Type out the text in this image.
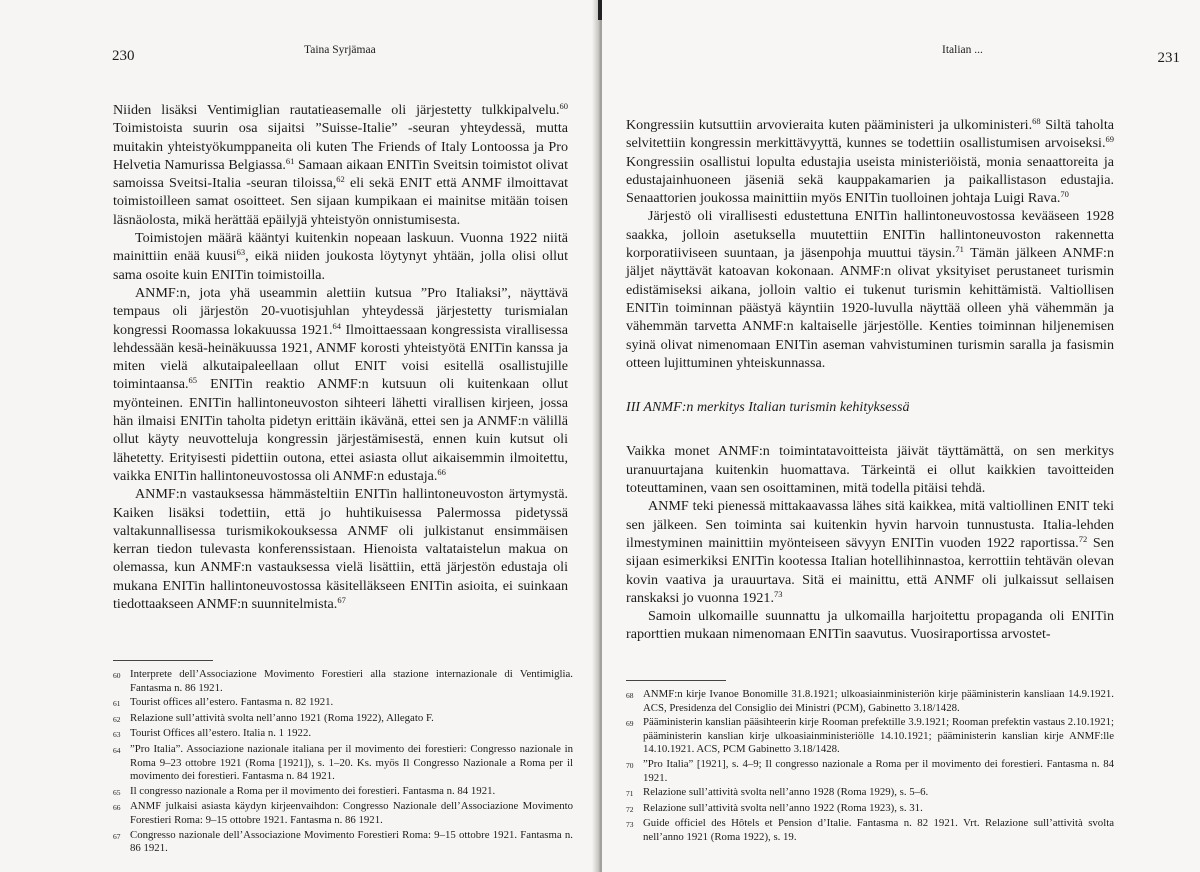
230	Taina Syrjämaa

Niiden lisäksi Ventimiglian rautatieasemalle oli järjestetty tulkkipalvelu.$^{60}$ Toimistoista suurin osa sijaitsi ”Suisse-Italie” -seuran yhteydessä, mutta muitakin yhteistyökumppaneita oli kuten The Friends of Italy Lontoossa ja Pro Helvetia Namurissa Belgiassa.$^{61}$ Samaan aikaan ENITin Sveitsin toimistot olivat samoissa Sveitsi-Italia -seuran tiloissa,$^{62}$ eli sekä ENIT että ANMF ilmoittavat toimistoilleen samat osoitteet. Sen sijaan kumpikaan ei mainitse mitään toisen läsnäolosta, mikä herättää epäilyjä yhteistyön onnistumisesta.

Toimistojen määrä kääntyi kuitenkin nopeaan laskuun. Vuonna 1922 niitä mainittiin enää kuusi$^{63}$, eikä niiden joukosta löytynyt yhtään, jolla olisi ollut sama osoite kuin ENITin toimistoilla.

ANMF:n, jota yhä useammin alettiin kutsua ”Pro Italiaksi”, näyttävä tempaus oli järjestön 20-vuotisjuhlan yhteydessä järjestetty turismialan kongressi Roomassa lokakuussa 1921.64 Ilmoittaessaan kongressista virallisessa lehdessään kesä-heinäkuussa 1921, ANMF korosti yhteistyötä ENITin kanssa ja miten vielä alkutaipaleellaan ollut ENIT voisi esitellä osallistujille toimintaansa.$^{65}$ ENITin reaktio ANMF:n kutsuun oli kuitenkaan ollut myönteinen. ENITin hallintoneuvoston sihteeri lähetti virallisen kirjeen, jossa hän ilmaisi ENITin taholta pidetyn erittäin ikävänä, ettei sen ja ANMF:n välillä ollut käyty neuvotteluja kongressin järjestämisestä, ennen kuin kutsut oli lähetetty. Erityisesti pidettiin outona, ettei asiasta ollut aikaisemmin ilmoitettu, vaikka ENITin hallintoneuvostossa oli ANMF:n edustaja.$^{66}$

ANMF:n vastauksessa hämmästeltiin ENITin hallintoneuvoston ärtymystä. Kaiken lisäksi todettiin, että jo huhtikuisessa Palermossa pidetyssä valtakunnallisessa turismikokouksessa ANMF oli julkistanut ensimmäisen kerran tiedon tulevasta konferenssistaan. Hienoista valtataistelun makua on olemassa, kun ANMF:n vastauksessa vielä lisättiin, että järjestön edustaja oli mukana ENITin hallintoneuvostossa käsitelläkseen ENITin asioita, ei suinkaan tiedottaakseen ANMF:n suunnitelmista.$^{67}$

60 Interprete dell’Associazione Movimento Forestieri alla stazione internazionale di Ventimiglia. Fantasma n. 86 1921.
61 Tourist offices all’estero. Fantasma n. 82 1921.
62 Relazione sull’attività svolta nell’anno 1921 (Roma 1922), Allegato F.
63 Tourist Offices all’estero. Italia n. 1 1922.
64 ”Pro Italia”. Associazione nazionale italiana per il movimento dei forestieri: Congresso nazionale in Roma 9–23 ottobre 1921 (Roma [1921]), s. 1–20. Ks. myös Il Congresso Nazionale a Roma per il movimento dei forestieri. Fantasma n. 84 1921.
65 Il congresso nazionale a Roma per il movimento dei forestieri. Fantasma n. 84 1921.
66 ANMF julkaisi asiasta käydyn kirjeenvaihdon: Congresso Nazionale dell’Associazione Movimento Forestieri Roma: 9–15 ottobre 1921. Fantasma n. 86 1921.
67 Congresso nazionale dell’Associazione Movimento Forestieri Roma: 9–15 ottobre 1921. Fantasma n. 86 1921.
Italian ...	231

Kongressiin kutsuttiin arvovieraita kuten pääministeri ja ulkoministeri.$^{68}$ Siltä taholta selvitettiin kongressin merkittävyyttä, kunnes se todettiin osallistumisen arvoiseksi.$^{69}$ Kongressiin osallistui lopulta edustajia useista ministeriöistä, monia senaattoreita ja edustajainhuoneen jäseniä sekä kauppakamarien ja paikallistason edustajia. Senaattorien joukossa mainittiin myös ENITin tuolloinen johtaja Luigi Rava.$^{70}$

Järjestö oli virallisesti edustettuna ENITin hallintoneuvostossa kevääseen 1928 saakka, jolloin asetuksella muutettiin ENITin hallintoneuvoston rakennetta korporatiiviseen suuntaan, ja jäsenpohja muuttui täysin.$^{71}$ Tämän jälkeen ANMF:n jäljet näyttävät katoavan kokonaan. ANMF:n olivat yksityiset perustaneet turismin edistämiseksi aikana, jolloin valtio ei tukenut turismin kehittämistä. Valtiollisen ENITin toiminnan päästyä käyntiin 1920-luvulla näyttää olleen yhä vähemmän ja vähemmän tarvetta ANMF:n kaltaiselle järjestölle. Kenties toiminnan hiljenemisen syinä olivat nimenomaan ENITin aseman vahvistuminen turismin saralla ja fasismin otteen lujittuminen yhteiskunnassa.

III ANMF:n merkitys Italian turismin kehityksessä

Vaikka monet ANMF:n toimintatavoitteista jäivät täyttämättä, on sen merkitys uranuurtajana kuitenkin huomattava. Tärkeintä ei ollut kaikkien tavoitteiden toteuttaminen, vaan sen osoittaminen, mitä todella pitäisi tehdä.

ANMF teki pienessä mittakaavassa lähes sitä kaikkea, mitä valtiollinen ENIT teki sen jälkeen. Sen toiminta sai kuitenkin hyvin harvoin tunnustusta. Italia-lehden ilmestyminen mainittiin myönteiseen sävyyn ENITin vuoden 1922 raportissa.$^{72}$ Sen sijaan esimerkiksi ENITin kootessa Italian hotellihinnastoa, kerrottiin tehtävän olevan kovin vaativa ja urauurtava. Sitä ei mainittu, että ANMF oli julkaissut sellaisen ranskaksi jo vuonna 1921.73

Samoin ulkomaille suunnattu ja ulkomailla harjoitettu propaganda oli ENITin raporttien mukaan nimenomaan ENITin saavutus. Vuosiraportissa arvostet-

68 ANMF:n kirje Ivanoe Bonomille 31.8.1921; ulkoasiainministeriön kirje pääministerin kansliaan 14.9.1921. ACS, Presidenza del Consiglio dei Ministri (PCM), Gabinetto 3.18/1428.
69 Pääministerin kanslian pääsihteerin kirje Rooman prefektille 3.9.1921; Rooman prefektin vastaus 2.10.1921; pääministerin kanslian kirje ulkoasiainministeriölle 14.10.1921; pääministerin kanslian kirje ANMF:lle 14.10.1921. ACS, PCM Gabinetto 3.18/1428.
70 ”Pro Italia” [1921], s. 4–9; Il congresso nazionale a Roma per il movimento dei forestieri. Fantasma n. 84 1921.
71 Relazione sull’attività svolta nell’anno 1928 (Roma 1929), s. 5–6.
72 Relazione sull’attività svolta nell’anno 1922 (Roma 1923), s. 31.
73 Guide officiel des Hôtels et Pension d’Italie. Fantasma n. 82 1921. Vrt. Relazione sull’attività svolta nell’anno 1921 (Roma 1922), s. 19.
